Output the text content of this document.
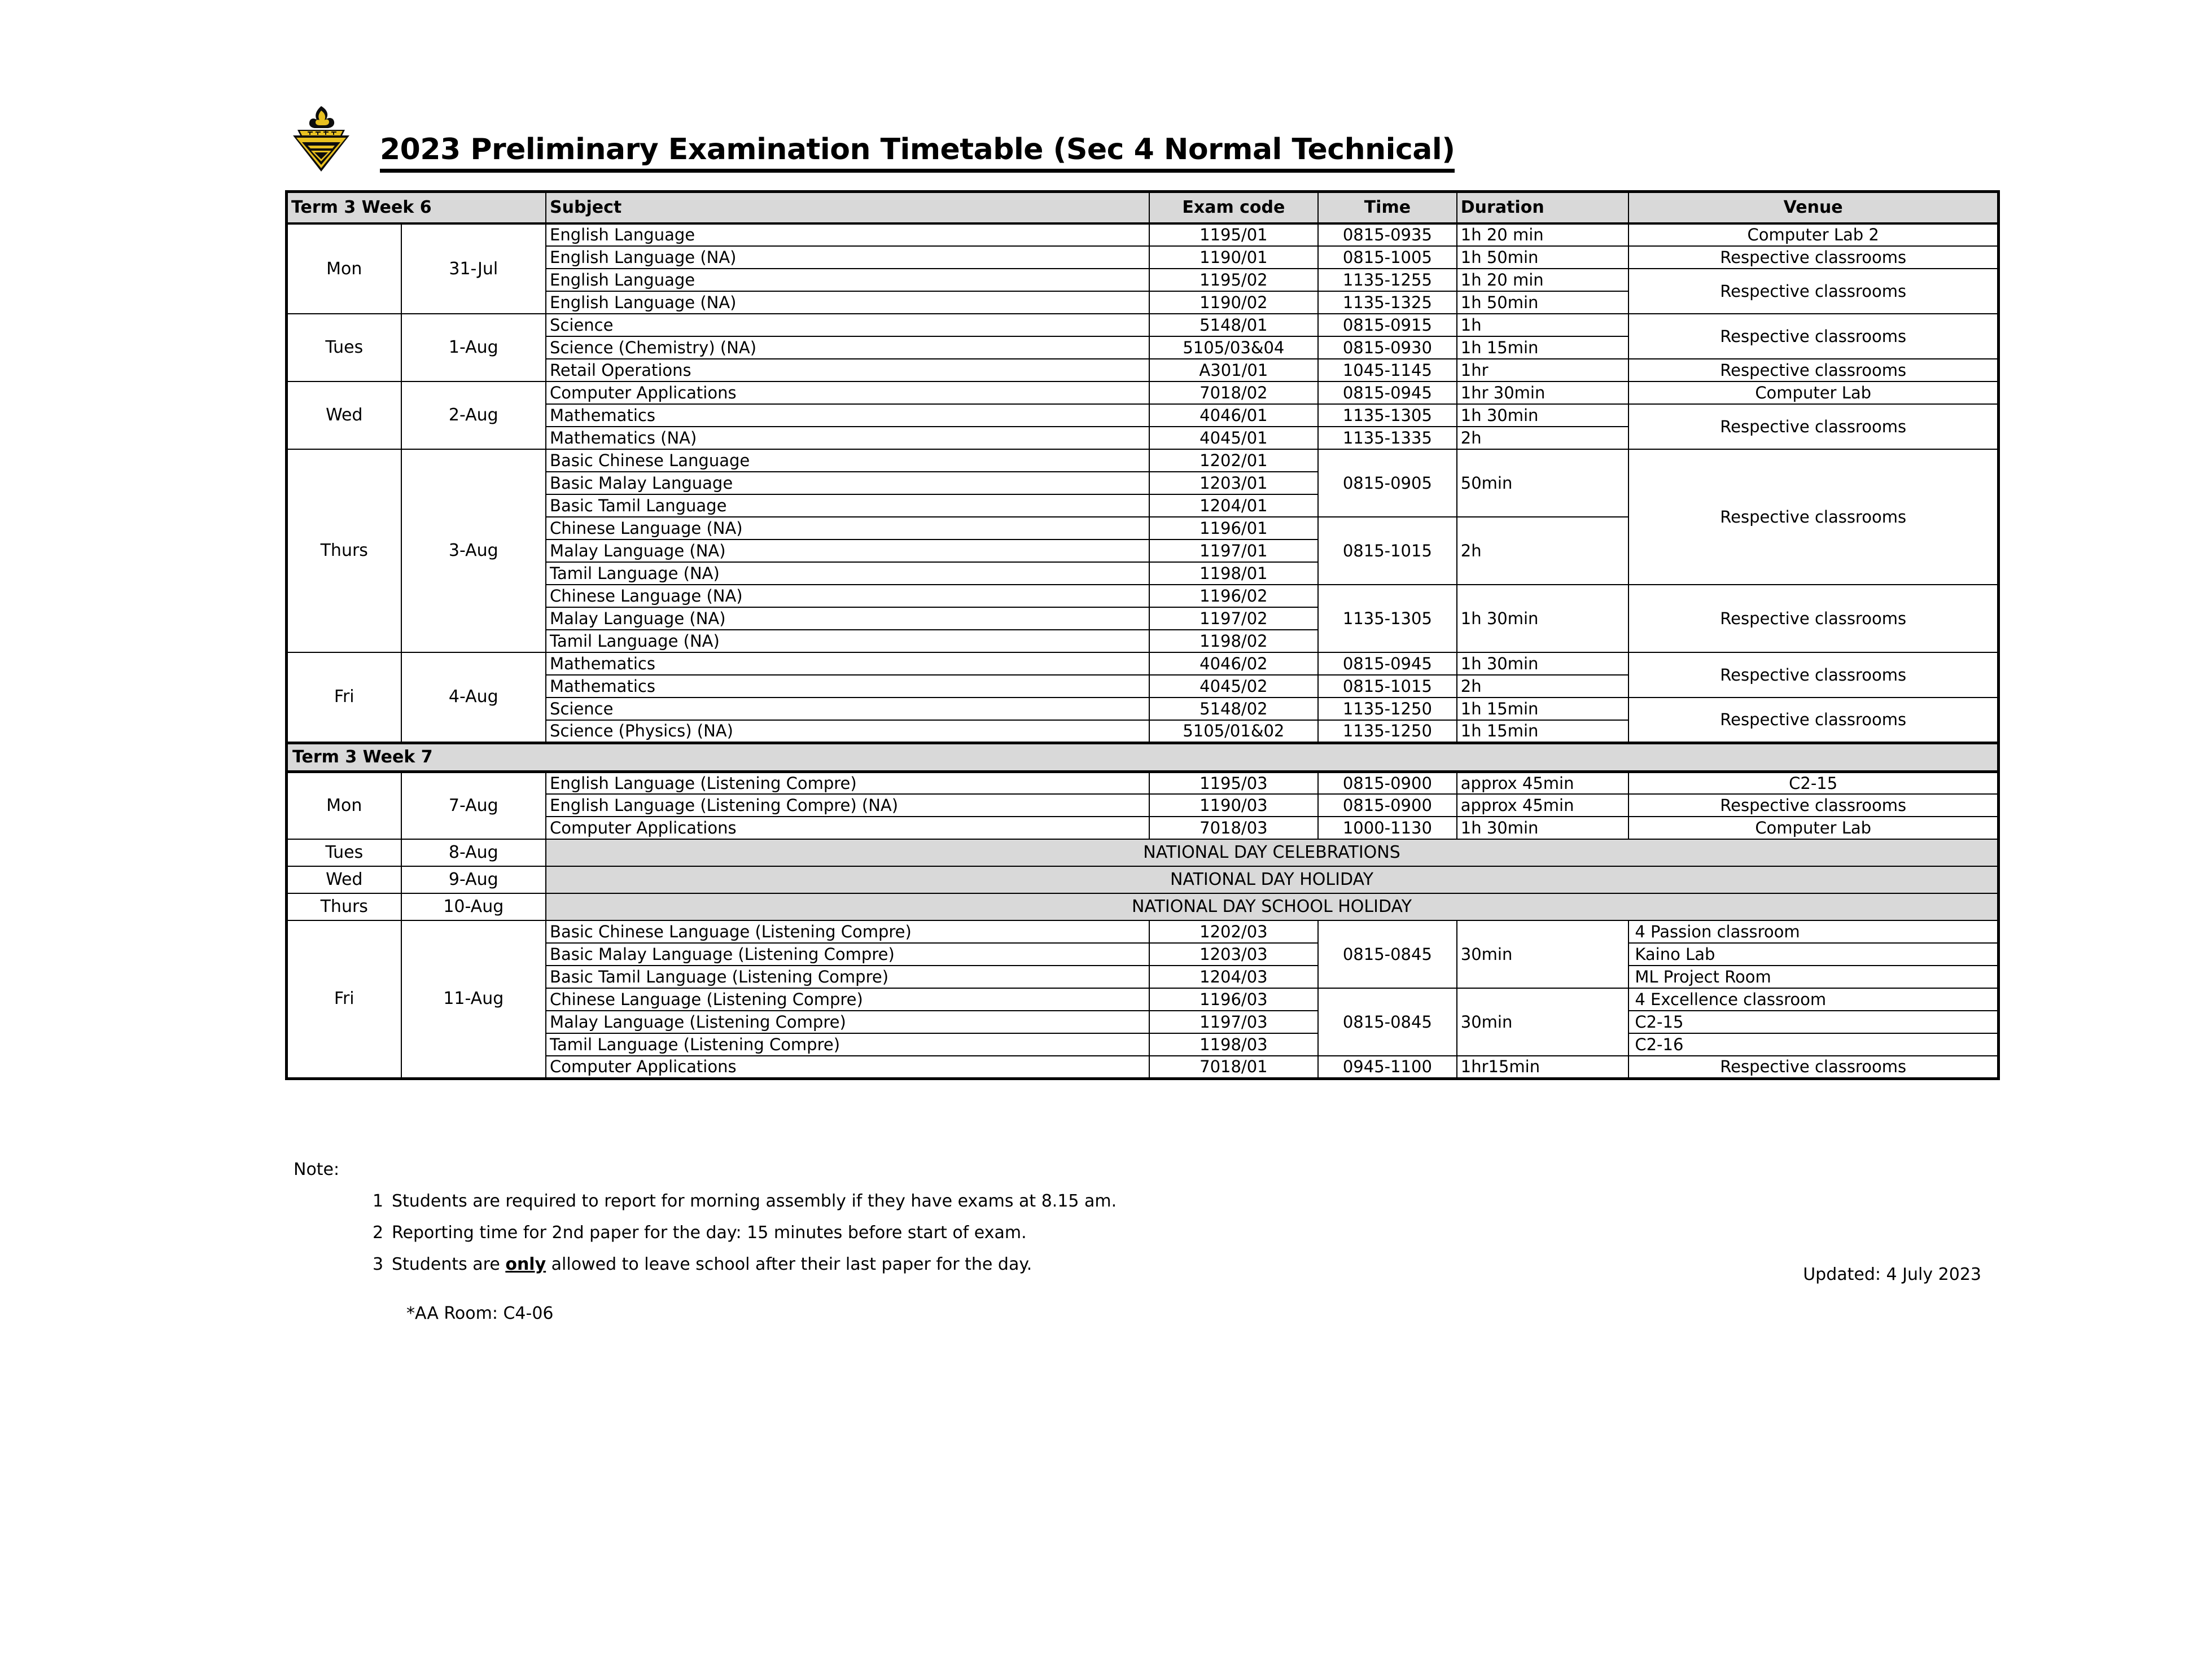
2023 Preliminary Examination Timetable (Sec 4 Normal Technical)
Term 3 Week 6		Subject	Exam code	Time	Duration	Venue
Mon	31-Jul	English Language	1195/01	0815-0935	1h 20 min	Computer Lab 2
		English Language (NA)	1190/01	0815-1005	1h 50min	Respective classrooms
		English Language	1195/02	1135-1255	1h 20 min	Respective classrooms
		English Language (NA)	1190/02	1135-1325	1h 50min	
Tues	1-Aug	Science	5148/01	0815-0915	1h	Respective classrooms
		Science (Chemistry) (NA)	5105/03&04	0815-0930	1h 15min	
		Retail Operations	A301/01	1045-1145	1hr	Respective classrooms
Wed	2-Aug	Computer Applications	7018/02	0815-0945	1hr 30min	Computer Lab
		Mathematics	4046/01	1135-1305	1h 30min	Respective classrooms
		Mathematics (NA)	4045/01	1135-1335	2h	
Thurs	3-Aug	Basic Chinese Language	1202/01	0815-0905	50min	Respective classrooms
		Basic Malay Language	1203/01			
		Basic Tamil Language	1204/01			
		Chinese Language (NA)	1196/01	0815-1015	2h	
		Malay Language (NA)	1197/01			
		Tamil Language (NA)	1198/01			
		Chinese Language (NA)	1196/02	1135-1305	1h 30min	Respective classrooms
		Malay Language (NA)	1197/02			
		Tamil Language (NA)	1198/02			
Fri	4-Aug	Mathematics	4046/02	0815-0945	1h 30min	Respective classrooms
		Mathematics	4045/02	0815-1015	2h	
		Science	5148/02	1135-1250	1h 15min	Respective classrooms
		Science (Physics) (NA)	5105/01&02	1135-1250	1h 15min	
Term 3 Week 7						
Mon	7-Aug	English Language (Listening Compre)	1195/03	0815-0900	approx 45min	C2-15
		English Language (Listening Compre) (NA)	1190/03	0815-0900	approx 45min	Respective classrooms
		Computer Applications	7018/03	1000-1130	1h 30min	Computer Lab
Tues	8-Aug	NATIONAL DAY CELEBRATIONS				
Wed	9-Aug	NATIONAL DAY HOLIDAY				
Thurs	10-Aug	NATIONAL DAY SCHOOL HOLIDAY				
Fri	11-Aug	Basic Chinese Language (Listening Compre)	1202/03	0815-0845	30min	4 Passion classroom
		Basic Malay Language (Listening Compre)	1203/03			Kaino Lab
		Basic Tamil Language (Listening Compre)	1204/03			ML Project Room
		Chinese Language (Listening Compre)	1196/03	0815-0845	30min	4 Excellence classroom
		Malay Language (Listening Compre)	1197/03			C2-15
		Tamil Language (Listening Compre)	1198/03			C2-16
		Computer Applications	7018/01	0945-1100	1hr15min	Respective classrooms
Note:
1 Students are required to report for morning assembly if they have exams at 8.15 am.
2 Reporting time for 2nd paper for the day: 15 minutes before start of exam.
3 Students are only allowed to leave school after their last paper for the day.
Updated: 4 July 2023
*AA Room: C4-06
